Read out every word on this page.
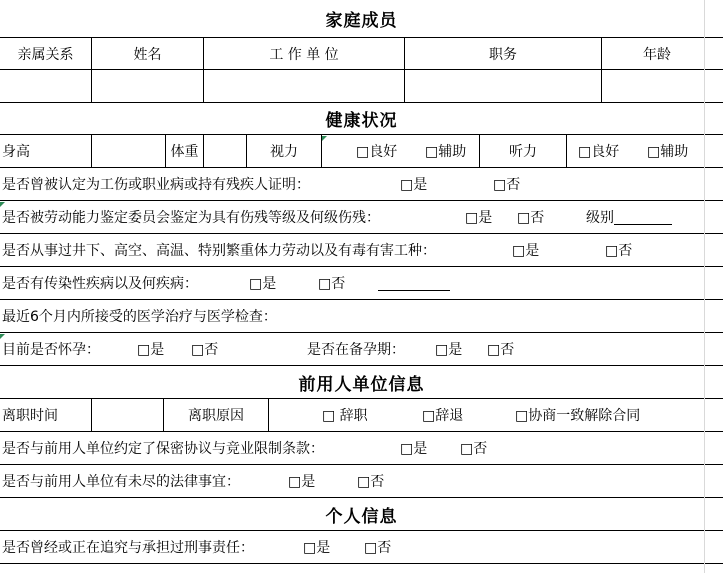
家庭成员
亲属关系	姓名	工 作 单 位	职务	年龄
健康状况
身高	体重	视力	□良好	□辅助	听力	□良好	□辅助
是否曾被认定为工伤或职业病或持有残疾人证明：	□是	□否
是否被劳动能力鉴定委员会鉴定为具有伤残等级及何级伤残：	□是	□否	级别
是否从事过井下、高空、高温、特别繁重体力劳动以及有毒有害工种：	□是	□否
是否有传染性疾病以及何疾病：	□是	□否
最近6个月内所接受的医学治疗与医学检查：
目前是否怀孕：	□是	□否	是否在备孕期：	□是	□否
前用人单位信息
离职时间	离职原因	□ 辞职	□辞退	□协商一致解除合同
是否与前用人单位约定了保密协议与竞业限制条款：	□是	□否
是否与前用人单位有未尽的法律事宜：	□是	□否
个人信息
是否曾经或正在追究与承担过刑事责任：	□是	□否
